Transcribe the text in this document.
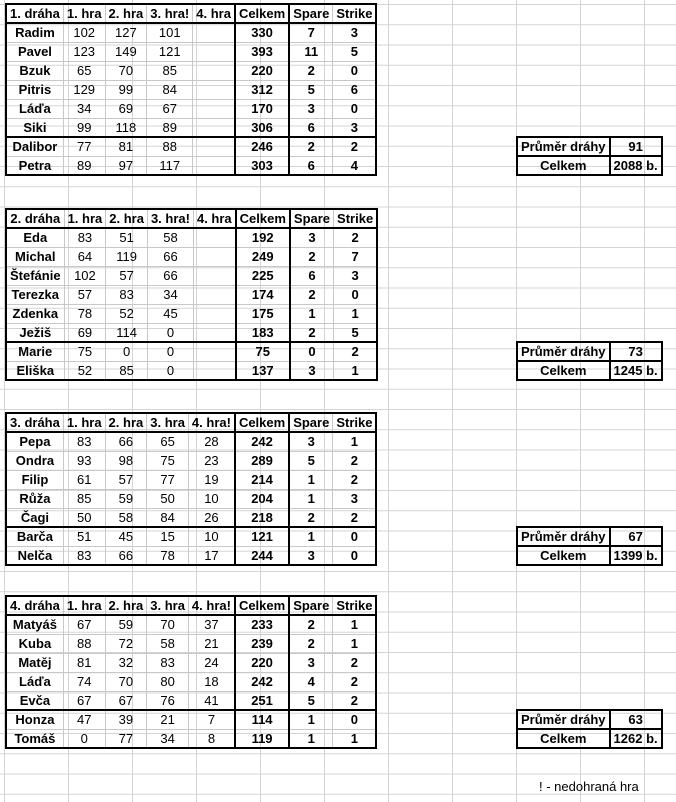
1. dráha	1. hra	2. hra	3. hra!	4. hra	Celkem	Spare	Strike
Radim	102	127	101		330	7	3
Pavel	123	149	121		393	11	5
Bzuk	65	70	85		220	2	0
Pitris	129	99	84		312	5	6
Láďa	34	69	67		170	3	0
Siki	99	118	89		306	6	3
Dalibor	77	81	88		246	2	2
Petra	89	97	117		303	6	4
Průměr dráhy	91
Celkem	2088 b.
2. dráha	1. hra	2. hra	3. hra!	4. hra	Celkem	Spare	Strike
Eda	83	51	58		192	3	2
Michal	64	119	66		249	2	7
Štefánie	102	57	66		225	6	3
Terezka	57	83	34		174	2	0
Zdenka	78	52	45		175	1	1
Ježiš	69	114	0		183	2	5
Marie	75	0	0		75	0	2
Eliška	52	85	0		137	3	1
Průměr dráhy	73
Celkem	1245 b.
3. dráha	1. hra	2. hra	3. hra	4. hra!	Celkem	Spare	Strike
Pepa	83	66	65	28	242	3	1
Ondra	93	98	75	23	289	5	2
Filip	61	57	77	19	214	1	2
Růža	85	59	50	10	204	1	3
Čagi	50	58	84	26	218	2	2
Barča	51	45	15	10	121	1	0
Nelča	83	66	78	17	244	3	0
Průměr dráhy	67
Celkem	1399 b.
4. dráha	1. hra	2. hra	3. hra	4. hra!	Celkem	Spare	Strike
Matyáš	67	59	70	37	233	2	1
Kuba	88	72	58	21	239	2	1
Matěj	81	32	83	24	220	3	2
Láďa	74	70	80	18	242	4	2
Evča	67	67	76	41	251	5	2
Honza	47	39	21	7	114	1	0
Tomáš	0	77	34	8	119	1	1
Průměr dráhy	63
Celkem	1262 b.
! - nedohraná hra
